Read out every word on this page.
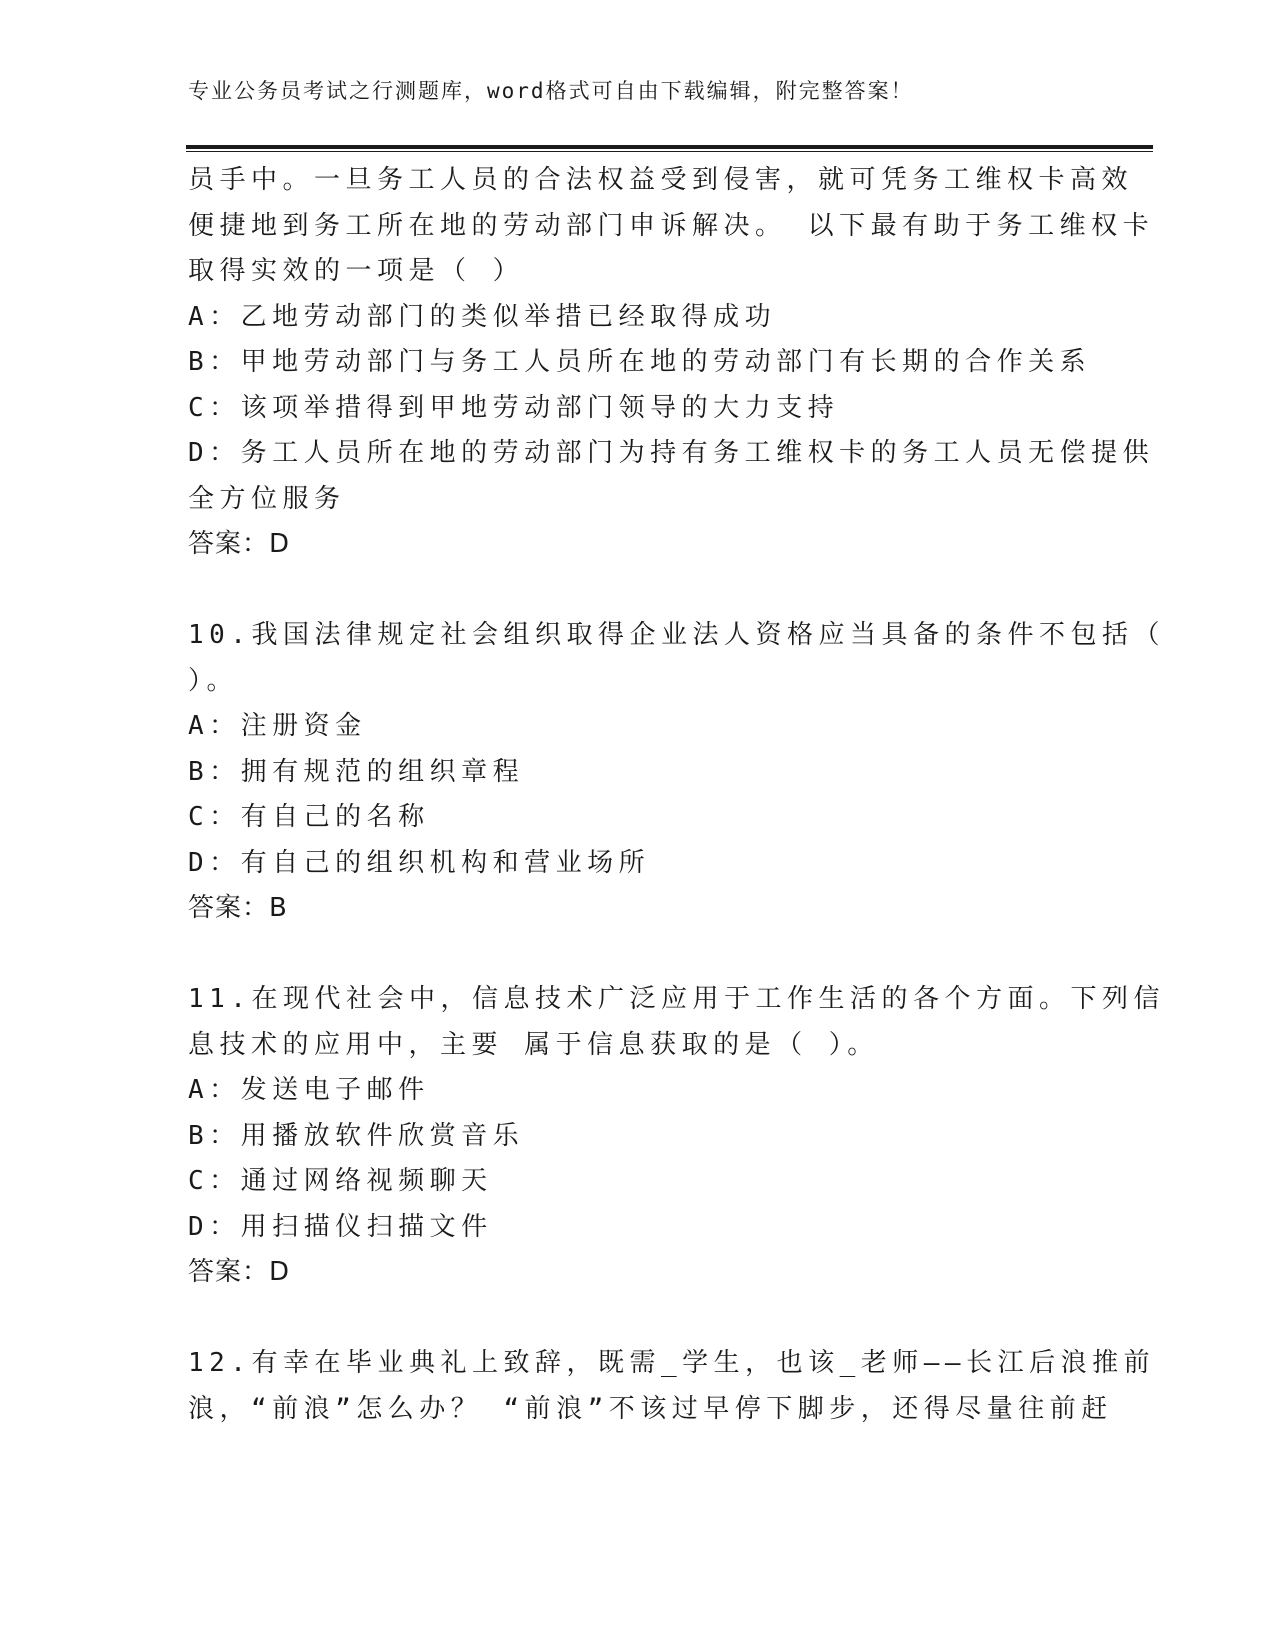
专业公务员考试之行测题库，word格式可自由下载编辑，附完整答案！
员手中。一旦务工人员的合法权益受到侵害，就可凭务工维权卡高效
便捷地到务工所在地的劳动部门申诉解决。 以下最有助于务工维权卡
取得实效的一项是（ ）
A：乙地劳动部门的类似举措已经取得成功
B：甲地劳动部门与务工人员所在地的劳动部门有长期的合作关系
C：该项举措得到甲地劳动部门领导的大力支持
D：务工人员所在地的劳动部门为持有务工维权卡的务工人员无偿提供
全方位服务
答案：D
10.我国法律规定社会组织取得企业法人资格应当具备的条件不包括（
）。
A：注册资金
B：拥有规范的组织章程
C：有自己的名称
D：有自己的组织机构和营业场所
答案：B
11.在现代社会中，信息技术广泛应用于工作生活的各个方面。下列信
息技术的应用中，主要 属于信息获取的是（ ）。
A：发送电子邮件
B：用播放软件欣赏音乐
C：通过网络视频聊天
D：用扫描仪扫描文件
答案：D
12.有幸在毕业典礼上致辞，既需_学生，也该_老师——长江后浪推前
浪，“前浪”怎么办？ “前浪”不该过早停下脚步，还得尽量往前赶
